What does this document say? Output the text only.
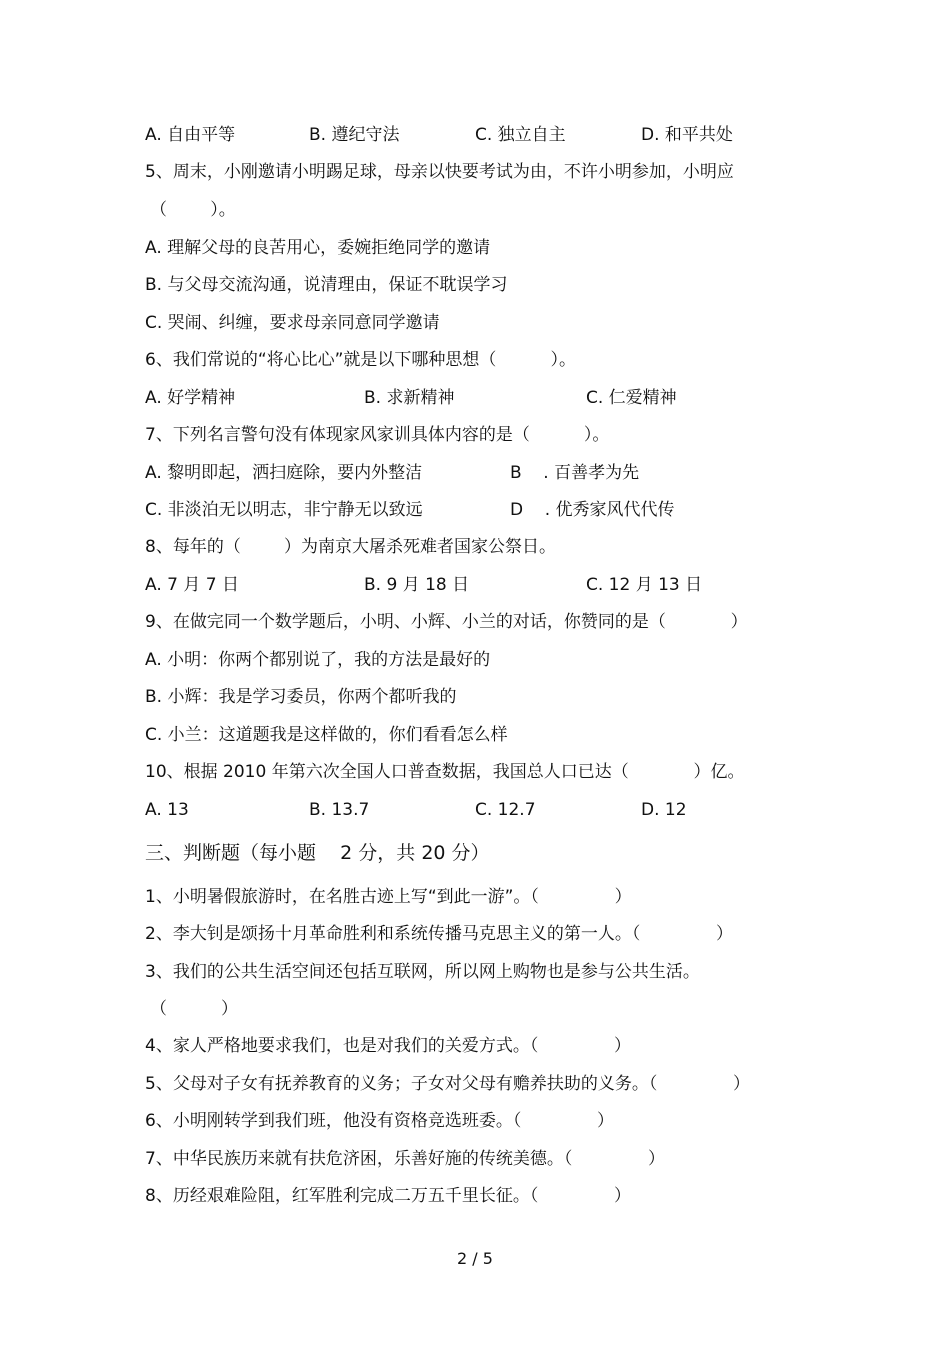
A. 自由平等	B. 遵纪守法	C. 独立自主	D. 和平共处
5、周末，小刚邀请小明踢足球，母亲以快要考试为由，不许小明参加，小明应
（        ）。
A. 理解父母的良苦用心，委婉拒绝同学的邀请
B. 与父母交流沟通，说清理由，保证不耽误学习
C. 哭闹、纠缠，要求母亲同意同学邀请
6、我们常说的“将心比心”就是以下哪种思想（          ）。
A. 好学精神	B. 求新精神	C. 仁爱精神
7、下列名言警句没有体现家风家训具体内容的是（          ）。
A. 黎明即起，洒扫庭除，要内外整洁	B    . 百善孝为先
C. 非淡泊无以明志，非宁静无以致远	D    . 优秀家风代代传
8、每年的（        ）为南京大屠杀死难者国家公祭日。
A. 7 月 7 日	B. 9 月 18 日	C. 12 月 13 日
9、在做完同一个数学题后，小明、小辉、小兰的对话，你赞同的是（            ）
A. 小明：你两个都别说了，我的方法是最好的
B. 小辉：我是学习委员，你两个都听我的
C. 小兰：这道题我是这样做的，你们看看怎么样
10、根据 2010 年第六次全国人口普查数据，我国总人口已达（            ）亿。
A. 13	B. 13.7	C. 12.7	D. 12
三、判断题（每小题    2 分，共 20 分）
1、小明暑假旅游时，在名胜古迹上写“到此一游”。（              ）
2、李大钊是颂扬十月革命胜利和系统传播马克思主义的第一人。（              ）
3、我们的公共生活空间还包括互联网，所以网上购物也是参与公共生活。
（          ）
4、家人严格地要求我们，也是对我们的关爱方式。（              ）
5、父母对子女有抚养教育的义务；子女对父母有赡养扶助的义务。（              ）
6、小明刚转学到我们班，他没有资格竞选班委。（              ）
7、中华民族历来就有扶危济困，乐善好施的传统美德。（              ）
8、历经艰难险阻，红军胜利完成二万五千里长征。（              ）
2 / 5
